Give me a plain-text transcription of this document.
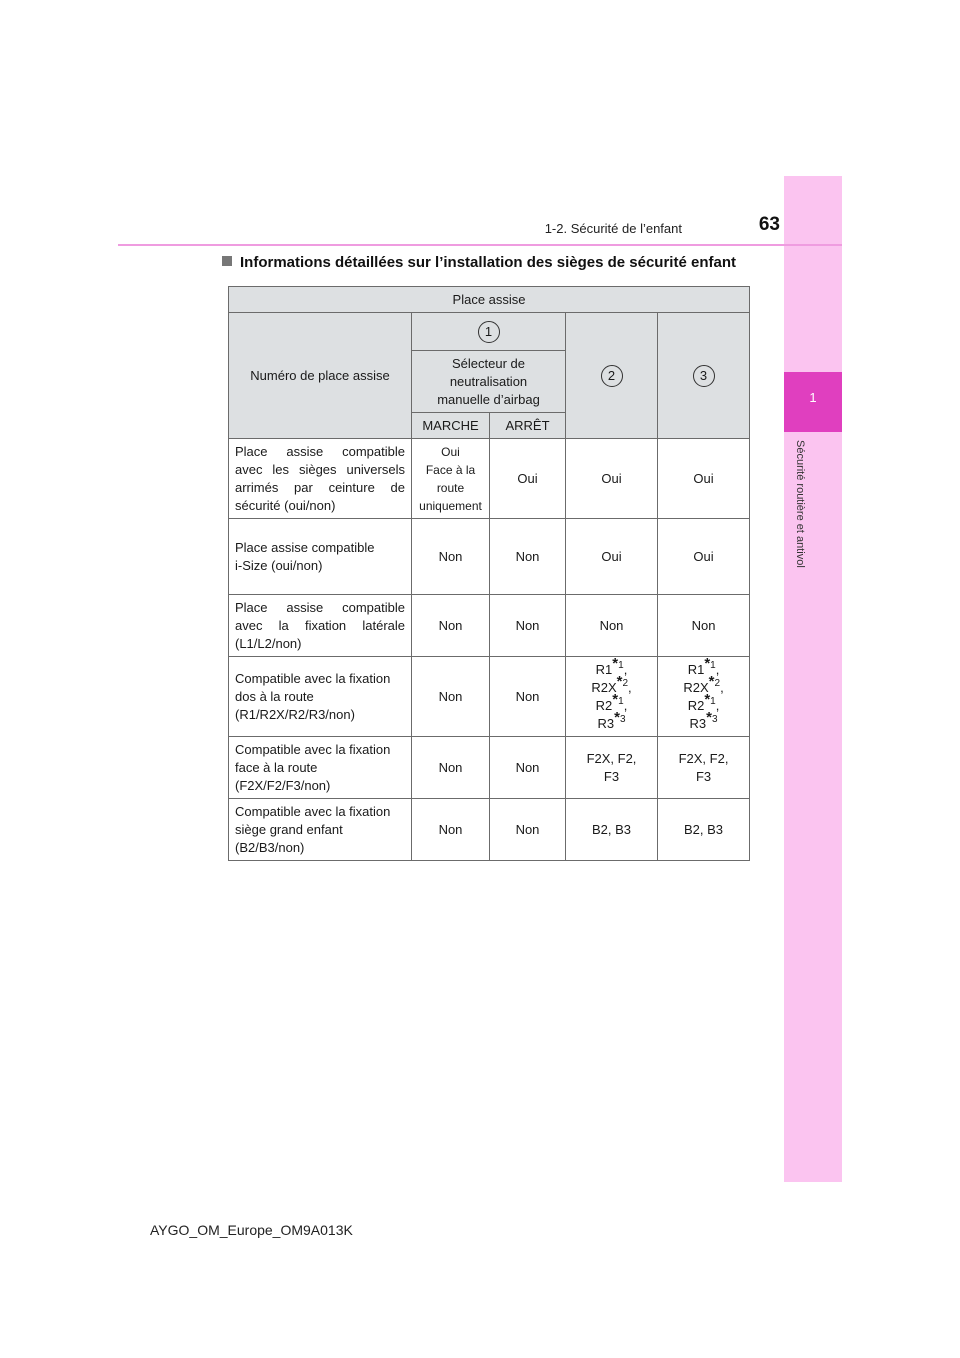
1
Sécurité routière et antivol
63
1-2. Sécurité de l’enfant
Informations détaillées sur l’installation des sièges de sécurité enfant
Place assise				
Numéro de place assise	1		2	3
	Sélecteur de
neutralisation
manuelle d’airbag			
	MARCHE	ARRÊT		
Place assise compatible avec les sièges universels arrimés par ceinture de sécurité (oui/non)	Oui
Face à la
route
uniquement	Oui	Oui	Oui
Place assise compatible
i-Size (oui/non)	Non	Non	Oui	Oui
Place assise compatible avec la fixation latérale (L1/L2/non)	Non	Non	Non	Non
Compatible avec la fixation
dos à la route
(R1/R2X/R2/R3/non)	Non	Non	R1$^{*1}$,
$R2X^{*2}$,
R2$^{*1}$,
R3$^{*3}$	R1$^{*1}$,
$R2X^{*2}$,
R2$^{*1}$,
R3$^{*3}$
Compatible avec la fixation
face à la route
(F2X/F2/F3/non)	Non	Non	F2X, F2,
F3	F2X, F2,
F3
Compatible avec la fixation
siège grand enfant
(B2/B3/non)	Non	Non	B2, B3	B2, B3
AYGO_OM_Europe_OM9A013K
